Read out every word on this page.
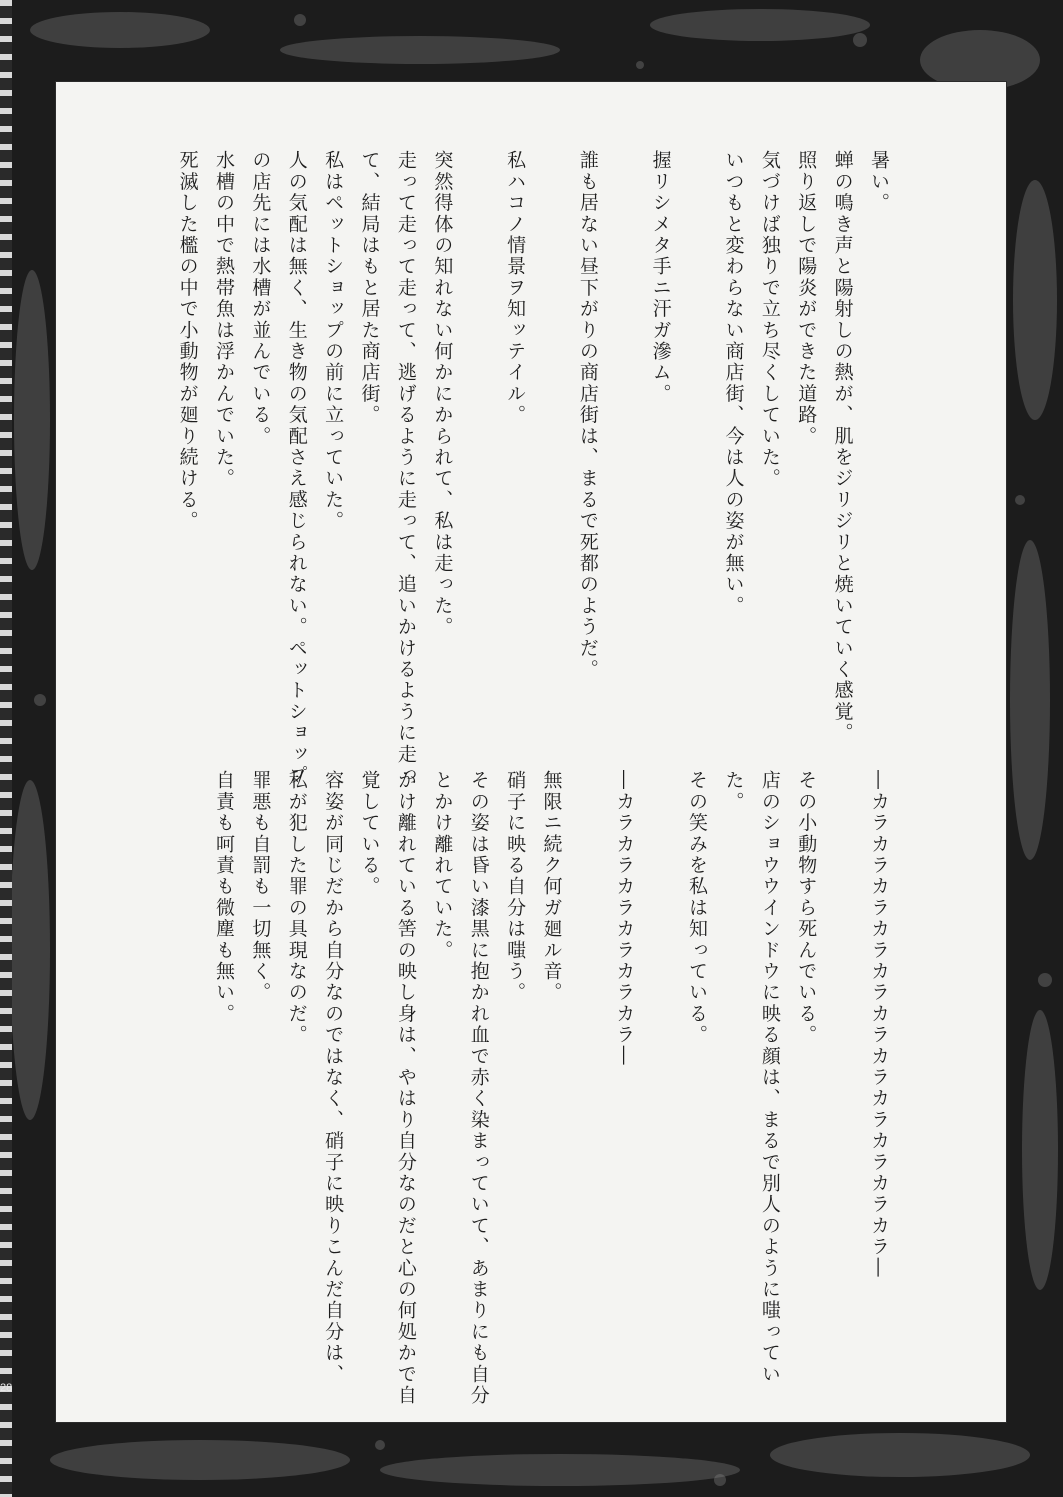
暑い。
蝉の鳴き声と陽射しの熱が、肌をジリジリと焼いていく感覚。
照り返しで陽炎ができた道路。
気づけば独りで立ち尽くしていた。
いつもと変わらない商店街、今は人の姿が無い。

握リシメタ手ニ汗ガ滲ム。

誰も居ない昼下がりの商店街は、まるで死都のようだ。

私ハコノ情景ヲ知ッテイル。

突然得体の知れない何かにかられて、私は走った。
走って走って走って、逃げるように走って、追いかけるように走っ
て、結局はもと居た商店街。
私はペットショップの前に立っていた。
人の気配は無く、生き物の気配さえ感じられない。ペットショップ
の店先には水槽が並んでいる。
水槽の中で熱帯魚は浮かんでいた。
死滅した檻の中で小動物が廻り続ける。

―カラカラカラカラカラカラカラカラカラカラカラ―

その小動物すら死んでいる。
店のショウウインドウに映る顔は、まるで別人のように嗤ってい
た。
その笑みを私は知っている。

―カラカラカラカラカラカラ―

無限ニ続ク何ガ廻ル音。
硝子に映る自分は嗤う。
その姿は昏い漆黒に抱かれ血で赤く染まっていて、あまりにも自分
とかけ離れていた。
かけ離れている筈の映し身は、やはり自分なのだと心の何処かで自
覚している。
容姿が同じだから自分なのではなく、硝子に映りこんだ自分は、
私が犯した罪の具現なのだ。
罪悪も自罰も一切無く。
自責も呵責も微塵も無い。

28
